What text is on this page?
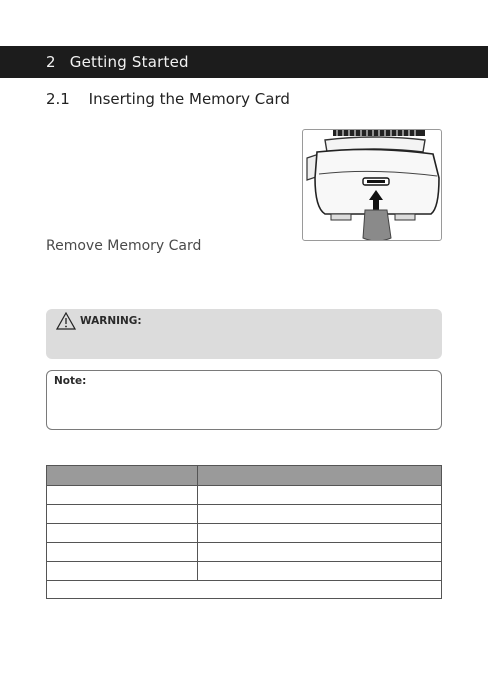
2 Getting Started
2.1 Inserting the Memory Card
Remove Memory Card
WARNING:
Note:
